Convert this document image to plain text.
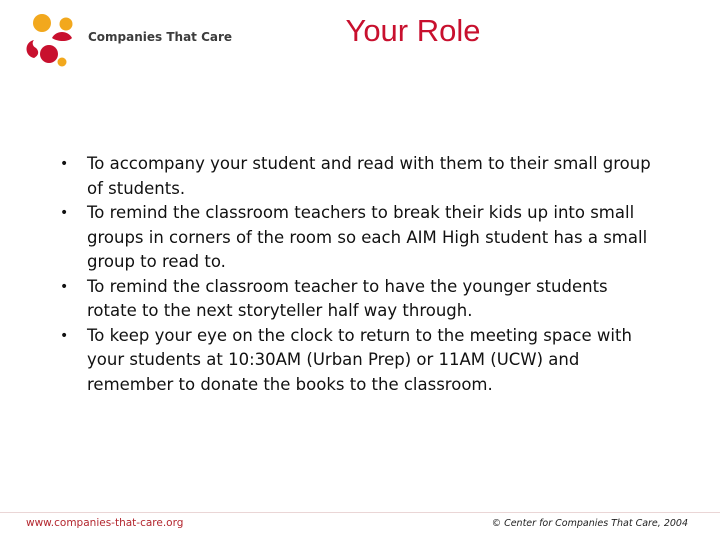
Companies That Care	Your Role
• To accompany your student and read with them to their small group of students.
• To remind the classroom teachers to break their kids up into small groups in corners of the room so each AIM High student has a small group to read to.
• To remind the classroom teacher to have the younger students rotate to the next storyteller half way through.
• To keep your eye on the clock to return to the meeting space with your students at 10:30AM (Urban Prep) or 11AM (UCW) and remember to donate the books to the classroom.
www.companies-that-care.org	© Center for Companies That Care, 2004
